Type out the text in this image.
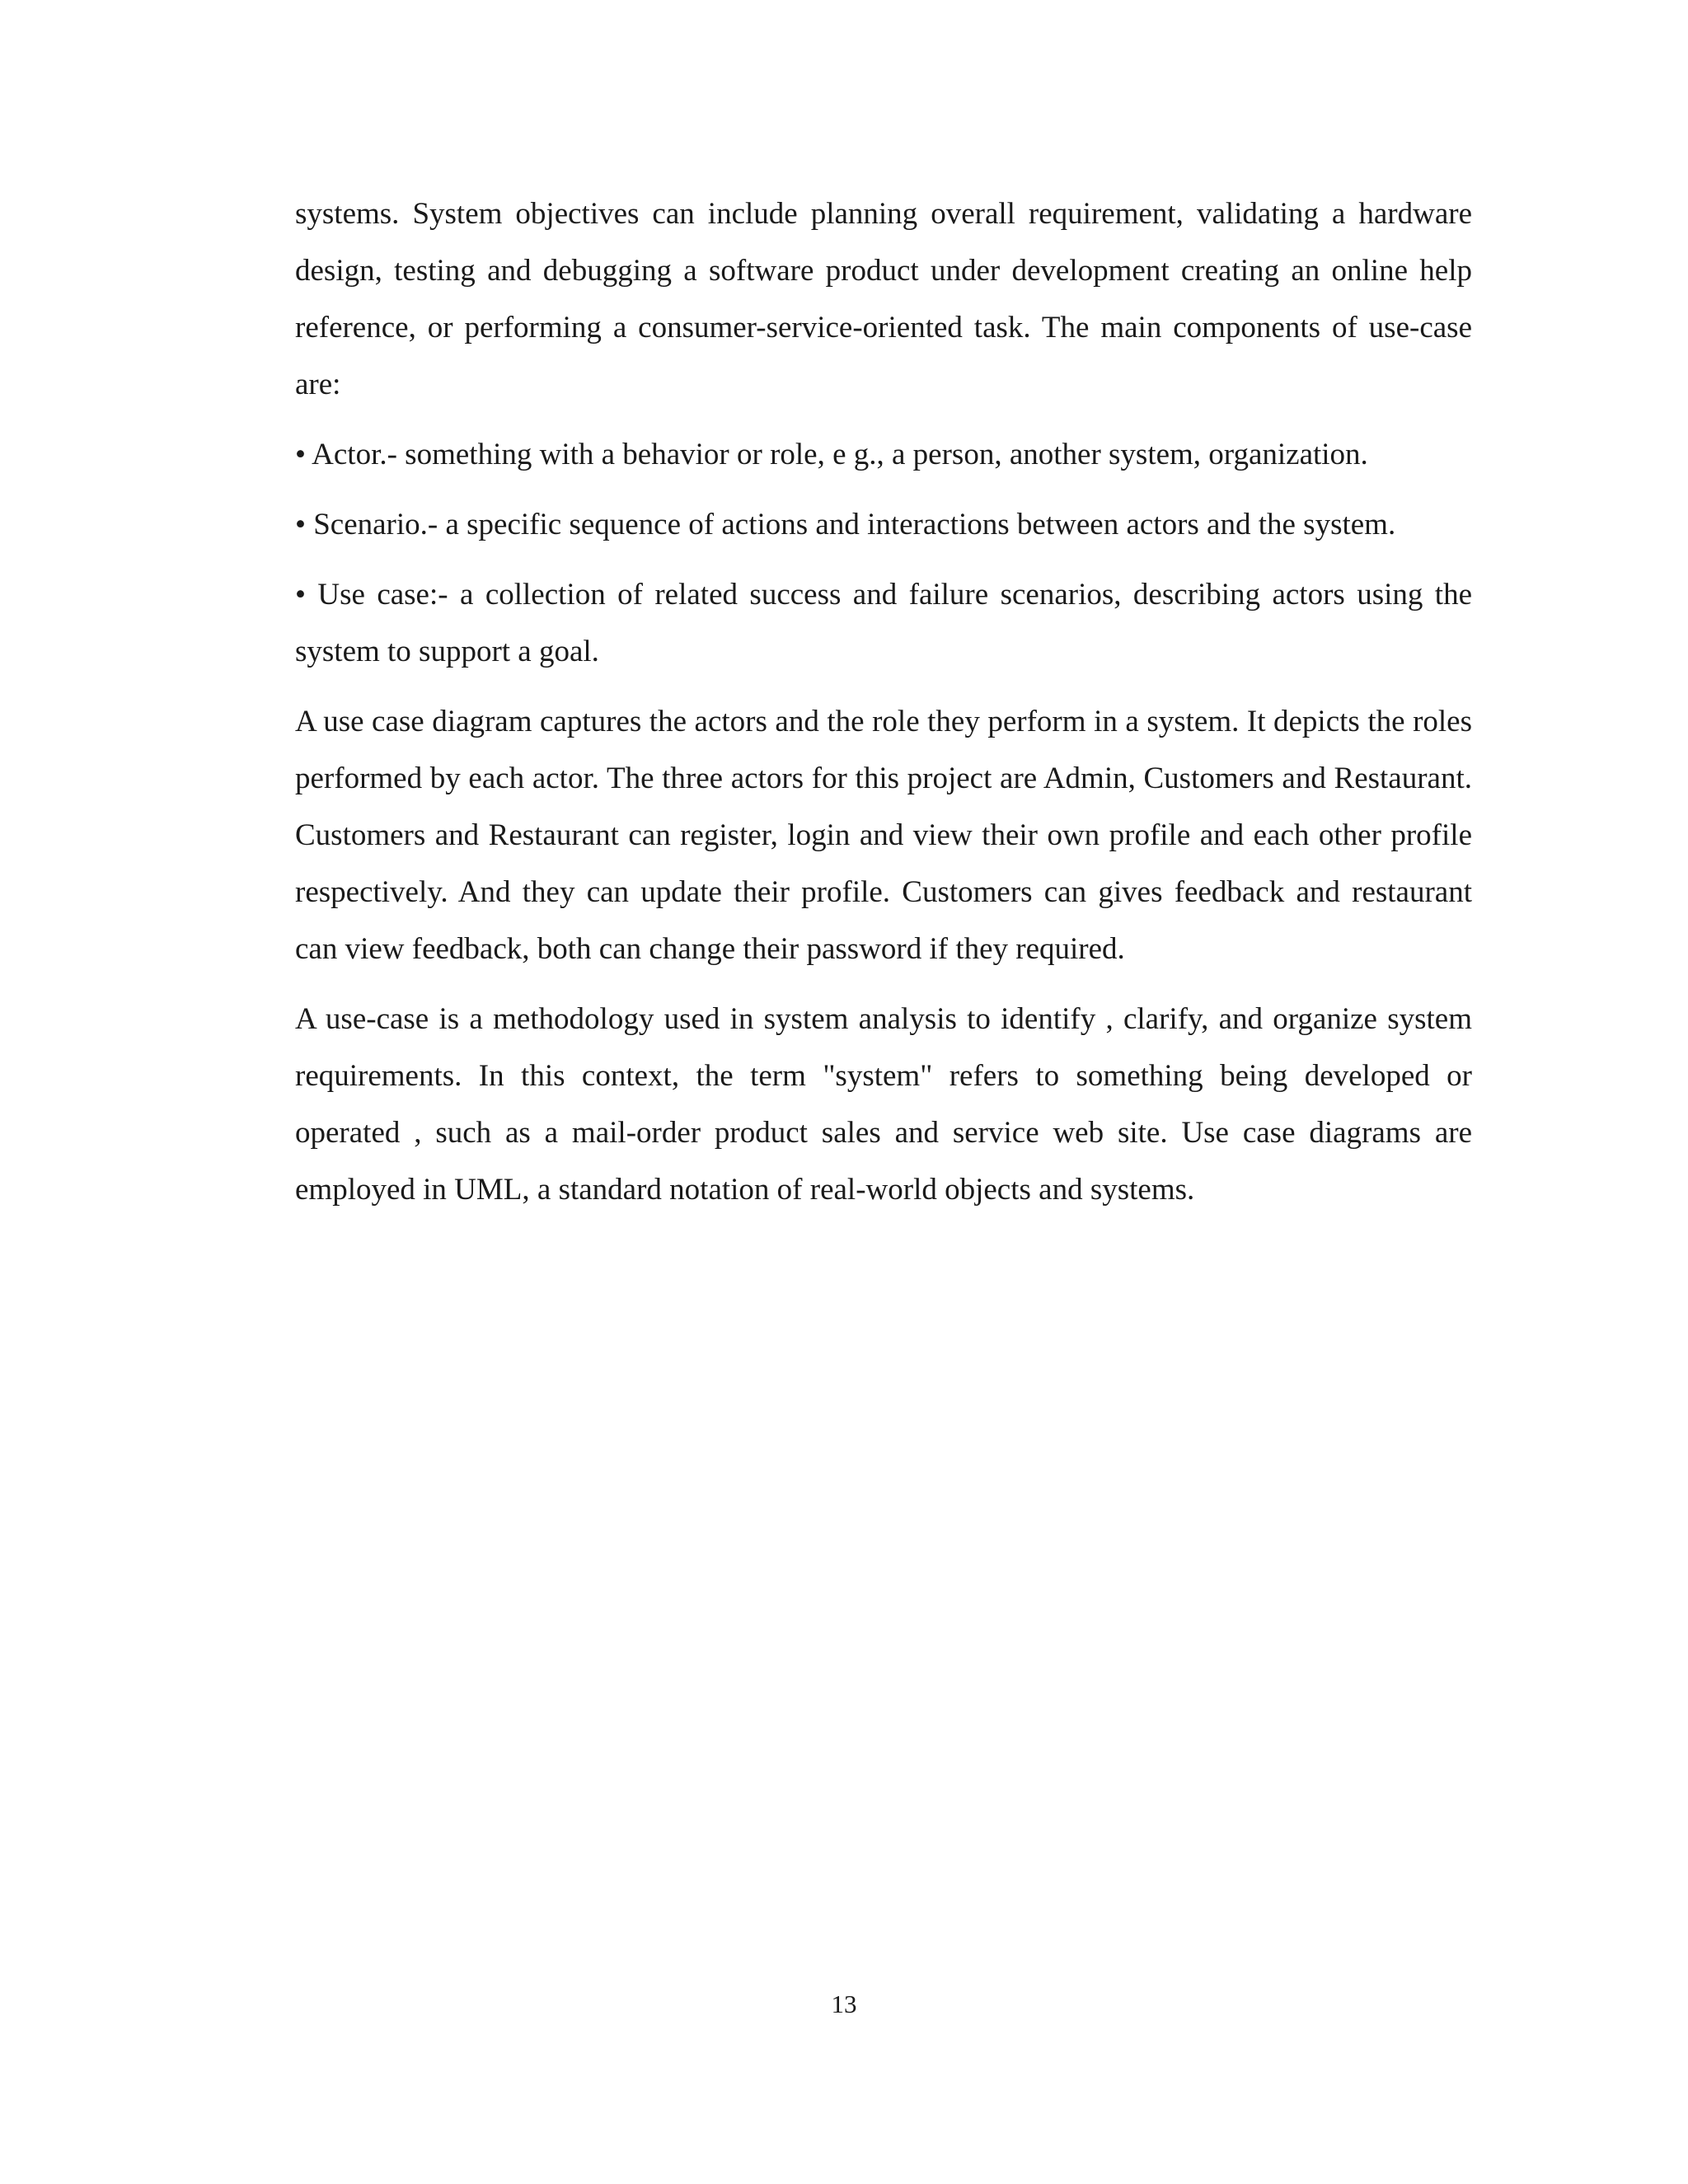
systems. System objectives can include planning overall requirement, validating a hardware design, testing and debugging a software product under development creating an online help reference, or performing a consumer-service-oriented task. The main components of use-case are:

• Actor.- something with a behavior or role, e g., a person, another system, organization.

• Scenario.- a specific sequence of actions and interactions between actors and the system.

• Use case:- a collection of related success and failure scenarios, describing actors using the system to support a goal.

A use case diagram captures the actors and the role they perform in a system. It depicts the roles performed by each actor. The three actors for this project are Admin, Customers and Restaurant. Customers and Restaurant can register, login and view their own profile and each other profile respectively. And they can update their profile. Customers can gives feedback and restaurant can view feedback, both can change their password if they required.

A use-case is a methodology used in system analysis to identify , clarify, and organize system requirements. In this context, the term "system" refers to something being developed or operated , such as a mail-order product sales and service web site. Use case diagrams are employed in UML, a standard notation of real-world objects and systems.

13
